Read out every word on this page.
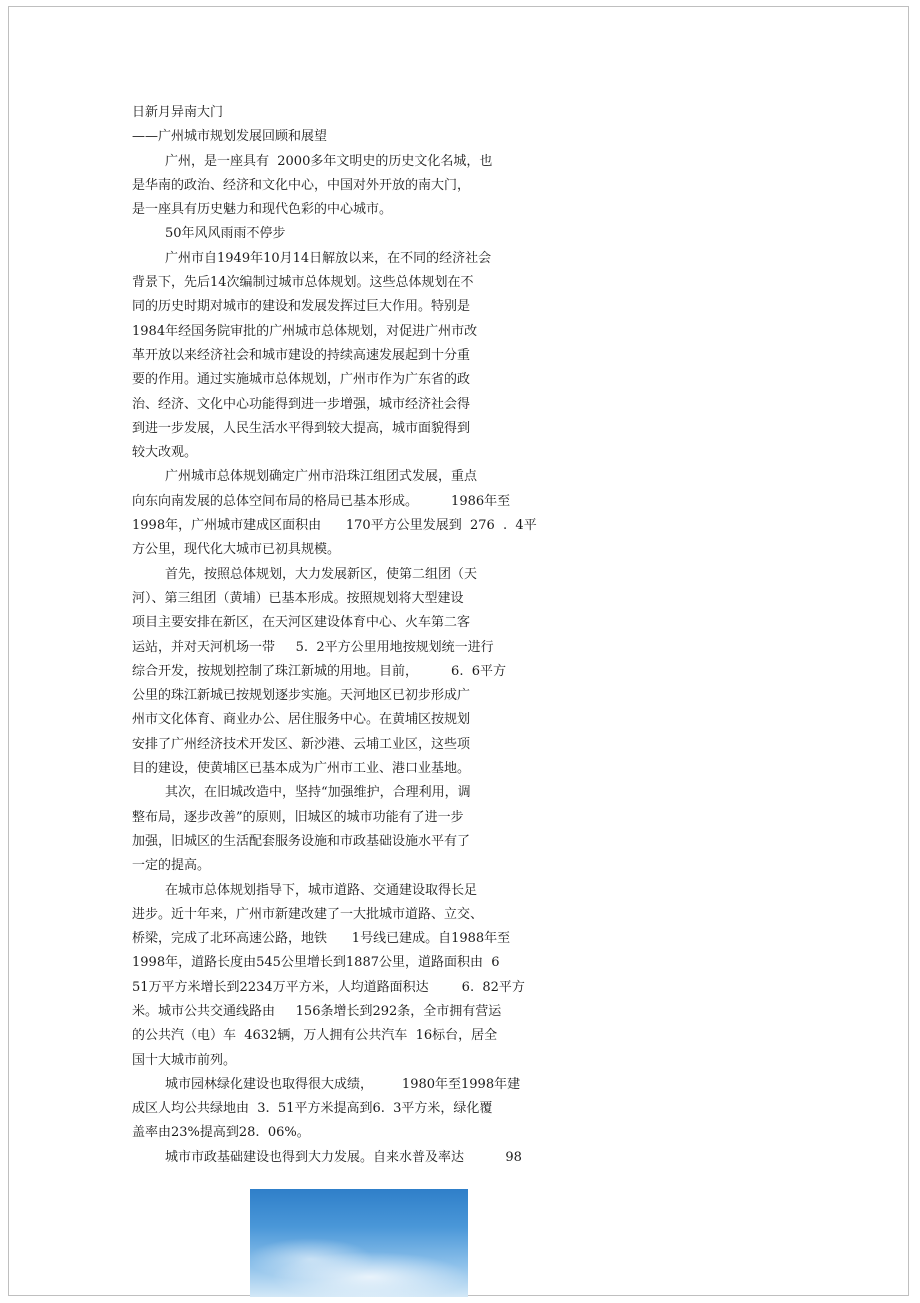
日新月异南大门

——广州城市规划发展回顾和展望

广州，是一座具有  2000多年文明史的历史文化名城，也

是华南的政治、经济和文化中心，中国对外开放的南大门，

是一座具有历史魅力和现代色彩的中心城市。

50年风风雨雨不停步

广州市自1949年10月14日解放以来，在不同的经济社会

背景下，先后14次编制过城市总体规划。这些总体规划在不

同的历史时期对城市的建设和发展发挥过巨大作用。特别是

1984年经国务院审批的广州城市总体规划，对促进广州市改

革开放以来经济社会和城市建设的持续高速发展起到十分重

要的作用。通过实施城市总体规划，广州市作为广东省的政

治、经济、文化中心功能得到进一步增强，城市经济社会得

到进一步发展，人民生活水平得到较大提高，城市面貌得到

较大改观。

广州城市总体规划确定广州市沿珠江组团式发展，重点

向东向南发展的总体空间布局的格局已基本形成。        1986年至

1998年，广州城市建成区面积由      170平方公里发展到  276  .  4平

方公里，现代化大城市已初具规模。

首先，按照总体规划，大力发展新区，使第二组团（天

河）、第三组团（黄埔）已基本形成。按照规划将大型建设

项目主要安排在新区，在天河区建设体育中心、火车第二客

运站，并对天河机场一带     5.  2平方公里用地按规划统一进行

综合开发，按规划控制了珠江新城的用地。目前，        6.  6平方

公里的珠江新城已按规划逐步实施。天河地区已初步形成广

州市文化体育、商业办公、居住服务中心。在黄埔区按规划

安排了广州经济技术开发区、新沙港、云埔工业区，这些项

目的建设，使黄埔区已基本成为广州市工业、港口业基地。

其次，在旧城改造中，坚持“加强维护，合理利用，调

整布局，逐步改善”的原则，旧城区的城市功能有了进一步

加强，旧城区的生活配套服务设施和市政基础设施水平有了

一定的提高。

在城市总体规划指导下，城市道路、交通建设取得长足

进步。近十年来，广州市新建改建了一大批城市道路、立交、

桥梁，完成了北环高速公路，地铁      1号线已建成。自1988年至

1998年，道路长度由545公里增长到1887公里，道路面积由  6

51万平方米增长到2234万平方米，人均道路面积达        6.  82平方

米。城市公共交通线路由     156条增长到292条，全市拥有营运

的公共汽（电）车  4632辆，万人拥有公共汽车  16标台，居全

国十大城市前列。

城市园林绿化建设也取得很大成绩，       1980年至1998年建

成区人均公共绿地由  3.  51平方米提高到6.  3平方米，绿化覆

盖率由23%提高到28.  06%。

城市市政基础建设也得到大力发展。自来水普及率达          98
